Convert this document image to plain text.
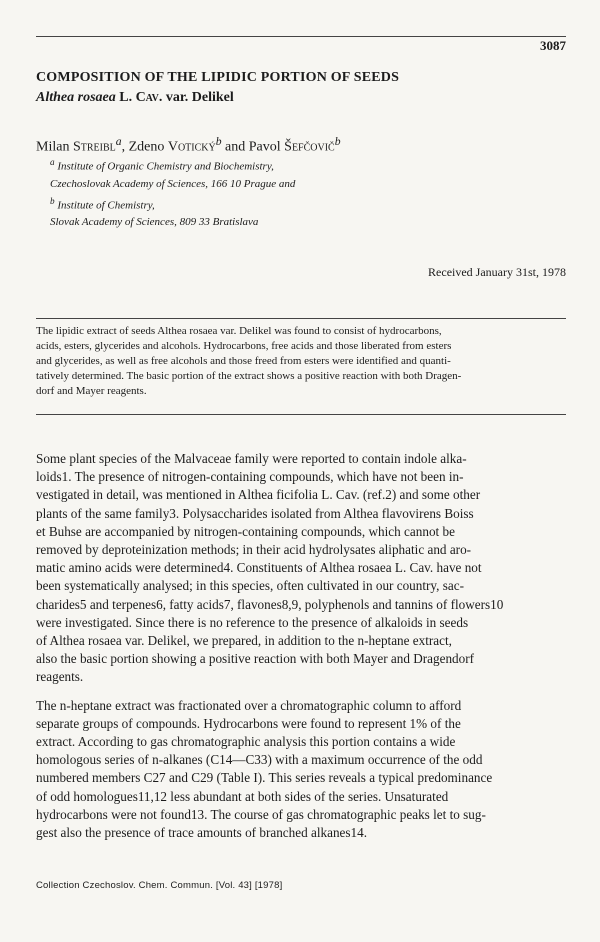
3087
COMPOSITION OF THE LIPIDIC PORTION OF SEEDS
Althea rosaea L. Cav. var. Delikel
Milan Streibl$^a$, Zdeno Votický$^b$ and Pavol Šefčovič$^b$
$^a$ Institute of Organic Chemistry and Biochemistry,
Czechoslovak Academy of Sciences, 166 10 Prague and
$^b$ Institute of Chemistry,
Slovak Academy of Sciences, 809 33 Bratislava
Received January 31st, 1978
The lipidic extract of seeds Althea rosaea var. Delikel was found to consist of hydrocarbons,
acids, esters, glycerides and alcohols. Hydrocarbons, free acids and those liberated from esters
and glycerides, as well as free alcohols and those freed from esters were identified and quanti-
tatively determined. The basic portion of the extract shows a positive reaction with both Dragen-
dorf and Mayer reagents.
Some plant species of the Malvaceae family were reported to contain indole alka-
loids1. The presence of nitrogen-containing compounds, which have not been in-
vestigated in detail, was mentioned in Althea ficifolia L. Cav. (ref.2) and some other
plants of the same family3. Polysaccharides isolated from Althea flavovirens Boiss
et Buhse are accompanied by nitrogen-containing compounds, which cannot be
removed by deproteinization methods; in their acid hydrolysates aliphatic and aro-
matic amino acids were determined4. Constituents of Althea rosaea L. Cav. have not
been systematically analysed; in this species, often cultivated in our country, sac-
charides5 and terpenes6, fatty acids7, flavones8,9, polyphenols and tannins of flowers10
were investigated. Since there is no reference to the presence of alkaloids in seeds
of Althea rosaea var. Delikel, we prepared, in addition to the n-heptane extract,
also the basic portion showing a positive reaction with both Mayer and Dragendorf
reagents.
The n-heptane extract was fractionated over a chromatographic column to afford
separate groups of compounds. Hydrocarbons were found to represent 1% of the
extract. According to gas chromatographic analysis this portion contains a wide
homologous series of n-alkanes (C14—C33) with a maximum occurrence of the odd
numbered members C27 and C29 (Table I). This series reveals a typical predominance
of odd homologues11,12 less abundant at both sides of the series. Unsaturated
hydrocarbons were not found13. The course of gas chromatographic peaks let to sug-
gest also the presence of trace amounts of branched alkanes14.
Collection Czechoslov. Chem. Commun. [Vol. 43] [1978]
